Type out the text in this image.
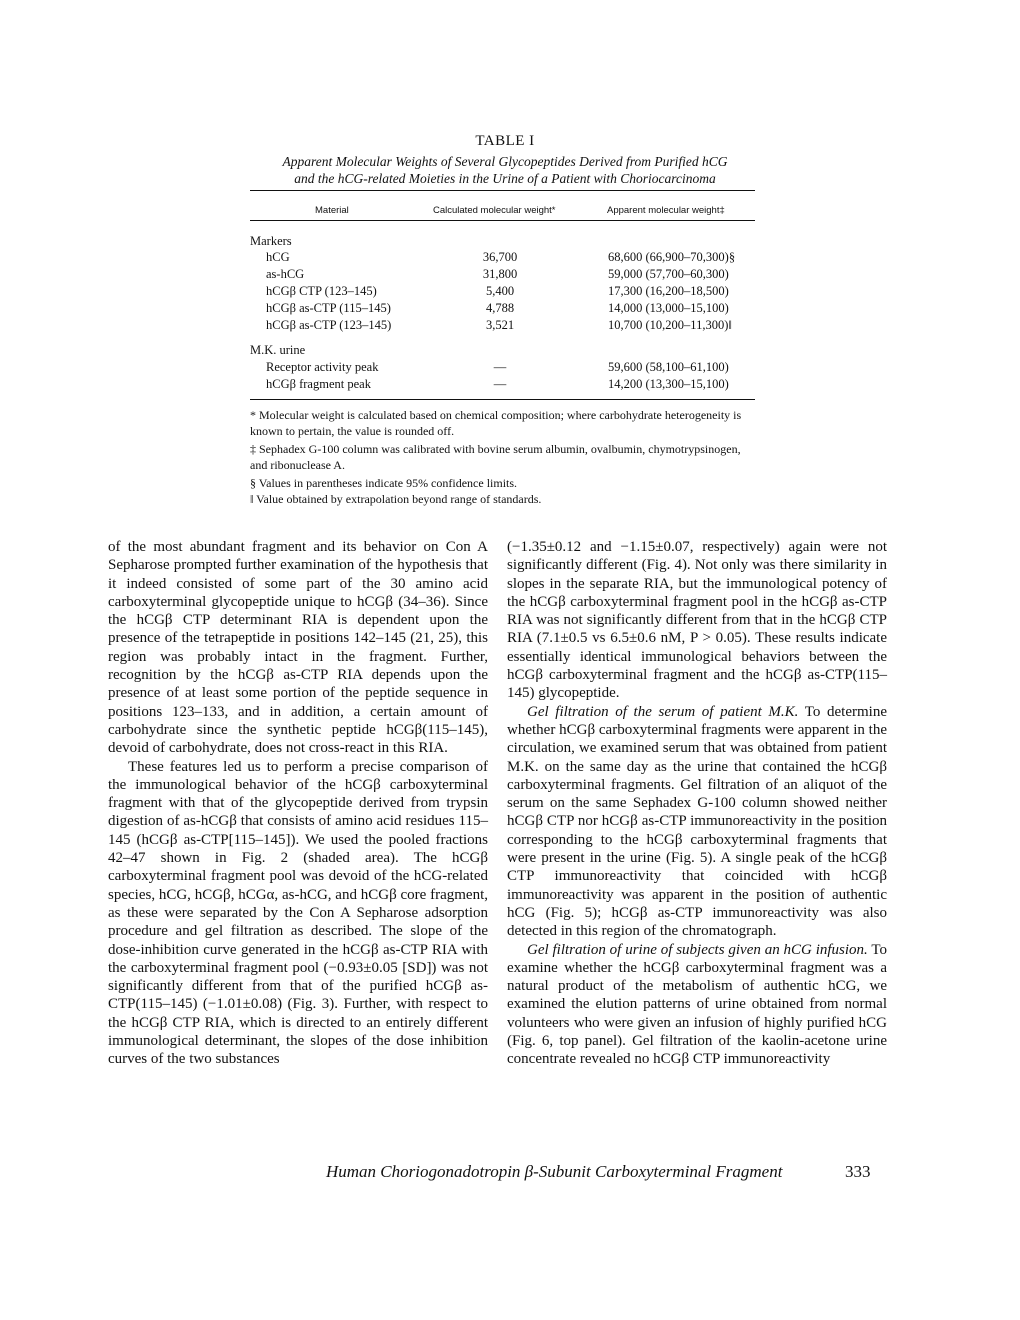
TABLE I
Apparent Molecular Weights of Several Glycopeptides Derived from Purified hCG
and the hCG-related Moieties in the Urine of a Patient with Choriocarcinoma
Material	Calculated molecular weight*	Apparent molecular weight‡
Markers
hCG	36,700	68,600 (66,900–70,300)§
as-hCG	31,800	59,000 (57,700–60,300)
hCGβ CTP (123–145)	5,400	17,300 (16,200–18,500)
hCGβ as-CTP (115–145)	4,788	14,000 (13,000–15,100)
hCGβ as-CTP (123–145)	3,521	10,700 (10,200–11,300)‖
M.K. urine
Receptor activity peak	—	59,600 (58,100–61,100)
hCGβ fragment peak	—	14,200 (13,300–15,100)
* Molecular weight is calculated based on chemical composition; where carbohydrate heterogeneity is known to pertain, the value is rounded off.
‡ Sephadex G-100 column was calibrated with bovine serum albumin, ovalbumin, chymotrypsinogen, and ribonuclease A.
§ Values in parentheses indicate 95% confidence limits.
‖ Value obtained by extrapolation beyond range of standards.

of the most abundant fragment and its behavior on Con A Sepharose prompted further examination of the hypothesis that it indeed consisted of some part of the 30 amino acid carboxyterminal glycopeptide unique to hCGβ (34–36). Since the hCGβ CTP determinant RIA is dependent upon the presence of the tetrapeptide in positions 142–145 (21, 25), this region was probably intact in the fragment. Further, recognition by the hCGβ as-CTP RIA depends upon the presence of at least some portion of the peptide sequence in positions 123–133, and in addition, a certain amount of carbohydrate since the synthetic peptide hCGβ(115–145), devoid of carbohydrate, does not cross-react in this RIA.

These features led us to perform a precise comparison of the immunological behavior of the hCGβ carboxyterminal fragment with that of the glycopeptide derived from trypsin digestion of as-hCGβ that consists of amino acid residues 115–145 (hCGβ as-CTP[115–145]). We used the pooled fractions 42–47 shown in Fig. 2 (shaded area). The hCGβ carboxyterminal fragment pool was devoid of the hCG-related species, hCG, hCGβ, hCGα, as-hCG, and hCGβ core fragment, as these were separated by the Con A Sepharose adsorption procedure and gel filtration as described. The slope of the dose-inhibition curve generated in the hCGβ as-CTP RIA with the carboxyterminal fragment pool (−0.93±0.05 [SD]) was not significantly different from that of the purified hCGβ as-CTP(115–145) (−1.01±0.08) (Fig. 3). Further, with respect to the hCGβ CTP RIA, which is directed to an entirely different immunological determinant, the slopes of the dose inhibition curves of the two substances

(−1.35±0.12 and −1.15±0.07, respectively) again were not significantly different (Fig. 4). Not only was there similarity in slopes in the separate RIA, but the immunological potency of the hCGβ carboxyterminal fragment pool in the hCGβ as-CTP RIA was not significantly different from that in the hCGβ CTP RIA (7.1±0.5 vs 6.5±0.6 nM, P > 0.05). These results indicate essentially identical immunological behaviors between the hCGβ carboxyterminal fragment and the hCGβ as-CTP(115–145) glycopeptide.

Gel filtration of the serum of patient M.K. To determine whether hCGβ carboxyterminal fragments were apparent in the circulation, we examined serum that was obtained from patient M.K. on the same day as the urine that contained the hCGβ carboxyterminal fragments. Gel filtration of an aliquot of the serum on the same Sephadex G-100 column showed neither hCGβ CTP nor hCGβ as-CTP immunoreactivity in the position corresponding to the hCGβ carboxyterminal fragments that were present in the urine (Fig. 5). A single peak of the hCGβ CTP immunoreactivity that coincided with hCGβ immunoreactivity was apparent in the position of authentic hCG (Fig. 5); hCGβ as-CTP immunoreactivity was also detected in this region of the chromatograph.

Gel filtration of urine of subjects given an hCG infusion. To examine whether the hCGβ carboxyterminal fragment was a natural product of the metabolism of authentic hCG, we examined the elution patterns of urine obtained from normal volunteers who were given an infusion of highly purified hCG (Fig. 6, top panel). Gel filtration of the kaolin-acetone urine concentrate revealed no hCGβ CTP immunoreactivity

Human Choriogonadotropin β-Subunit Carboxyterminal Fragment	333
